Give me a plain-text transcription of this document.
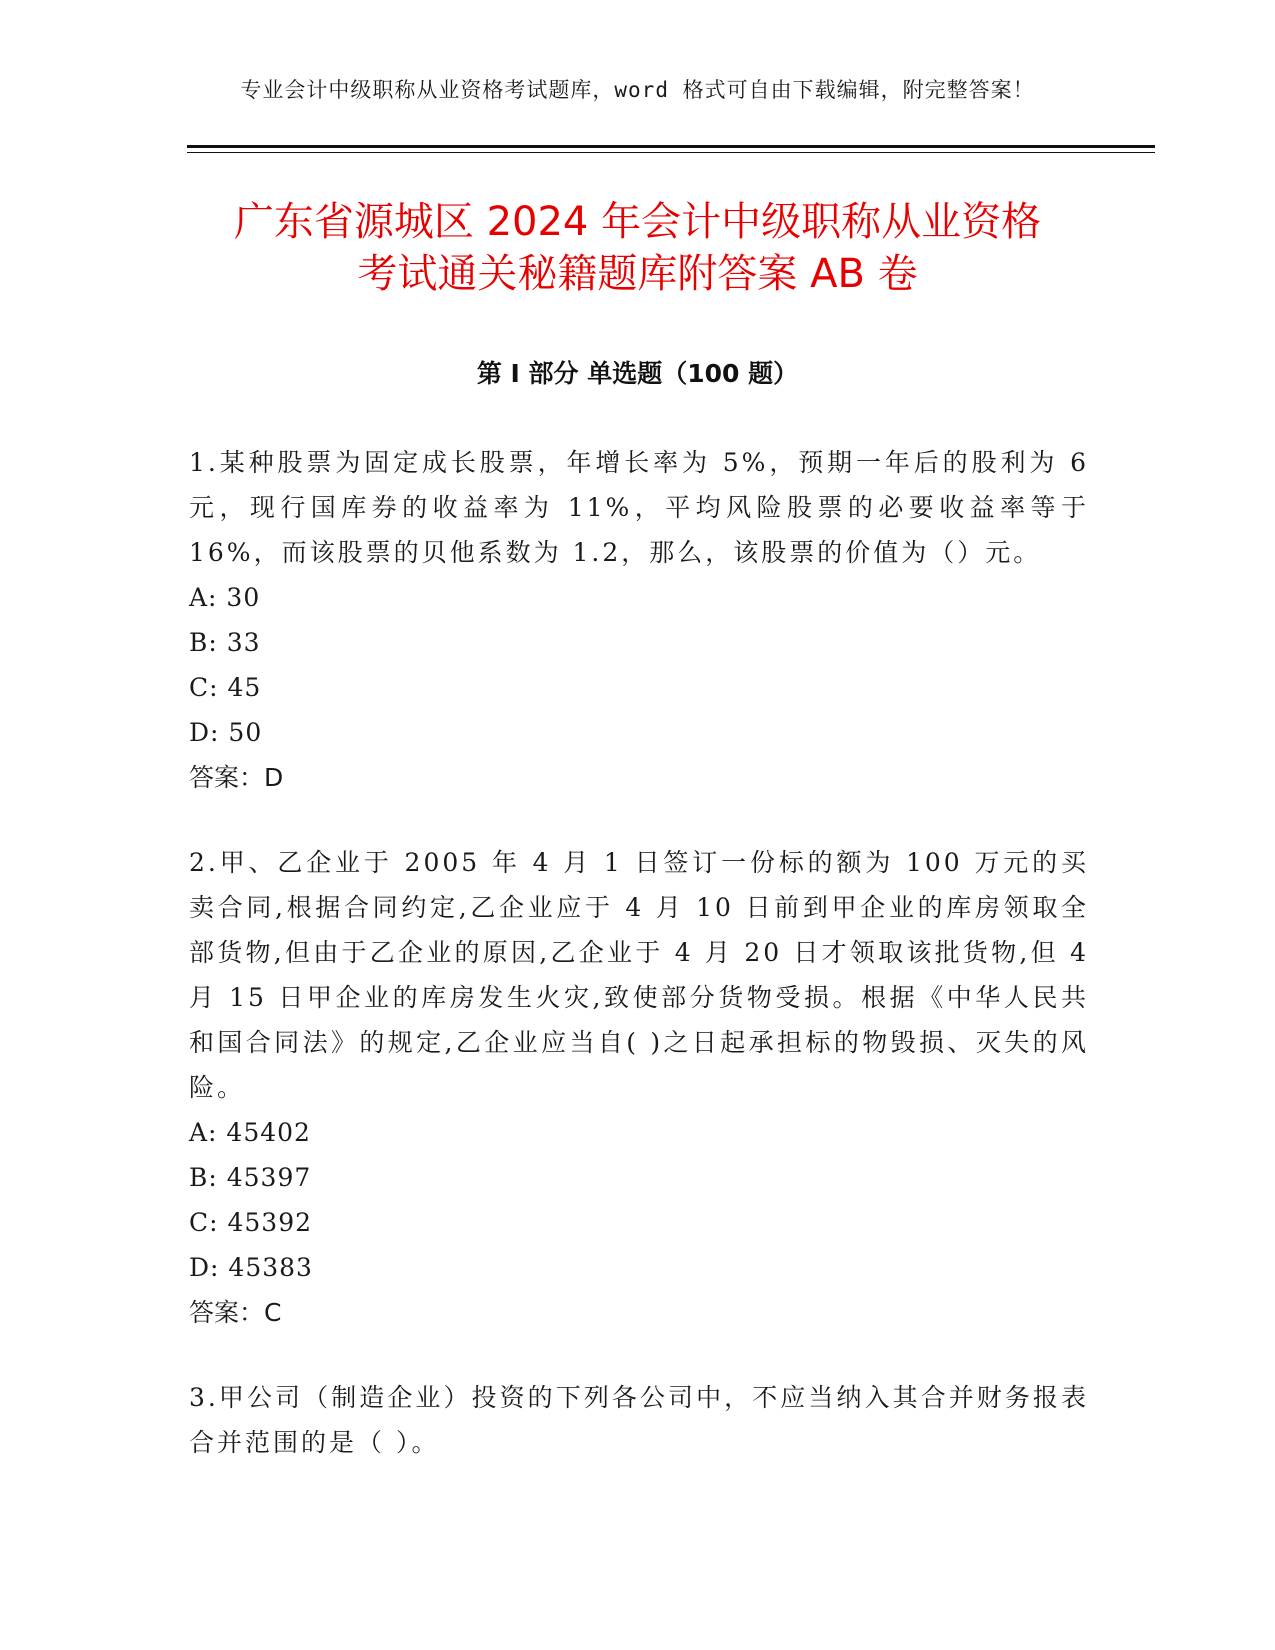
专业会计中级职称从业资格考试题库，word 格式可自由下载编辑，附完整答案！
广东省源城区 2024 年会计中级职称从业资格
考试通关秘籍题库附答案 AB 卷
第 I 部分 单选题（100 题）

1.某种股票为固定成长股票，年增长率为 5%，预期一年后的股利为 6 元，现行国库券的收益率为 11%，平均风险股票的必要收益率等于 16%，而该股票的贝他系数为 1.2，那么，该股票的价值为（）元。

A: 30

B: 33

C: 45

D: 50

答案：D

2.甲、乙企业于 2005 年 4 月 1 日签订一份标的额为 100 万元的买卖合同,根据合同约定,乙企业应于 4 月 10 日前到甲企业的库房领取全部货物,但由于乙企业的原因,乙企业于 4 月 20 日才领取该批货物,但 4 月 15 日甲企业的库房发生火灾,致使部分货物受损。根据《中华人民共和国合同法》的规定,乙企业应当自( )之日起承担标的物毁损、灭失的风险。

A: 45402

B: 45397

C: 45392

D: 45383

答案：C

3.甲公司（制造企业）投资的下列各公司中，不应当纳入其合并财务报表合并范围的是（ ）。
